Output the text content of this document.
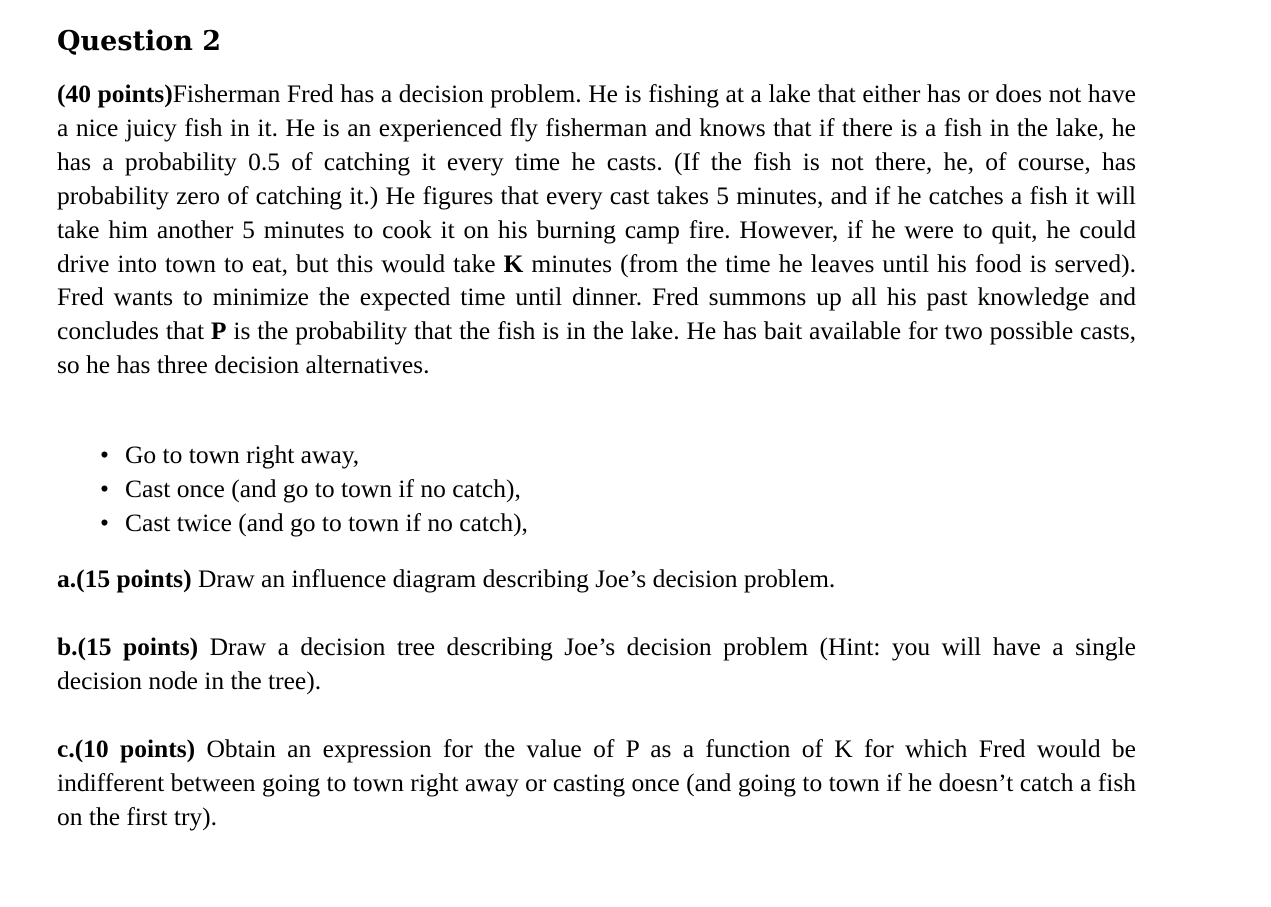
Question 2

(40 points)Fisherman Fred has a decision problem. He is fishing at a lake that either has or does not have a nice juicy fish in it. He is an experienced fly fisherman and knows that if there is a fish in the lake, he has a probability 0.5 of catching it every time he casts. (If the fish is not there, he, of course, has probability zero of catching it.) He figures that every cast takes 5 minutes, and if he catches a fish it will take him another 5 minutes to cook it on his burning camp fire. However, if he were to quit, he could drive into town to eat, but this would take K minutes (from the time he leaves until his food is served). Fred wants to minimize the expected time until dinner. Fred summons up all his past knowledge and concludes that P is the probability that the fish is in the lake. He has bait available for two possible casts, so he has three decision alternatives.

• Go to town right away,
• Cast once (and go to town if no catch),
• Cast twice (and go to town if no catch),

a.(15 points) Draw an influence diagram describing Joe’s decision problem.

b.(15 points) Draw a decision tree describing Joe’s decision problem (Hint: you will have a single decision node in the tree).

c.(10 points) Obtain an expression for the value of P as a function of K for which Fred would be indifferent between going to town right away or casting once (and going to town if he doesn’t catch a fish on the first try).
